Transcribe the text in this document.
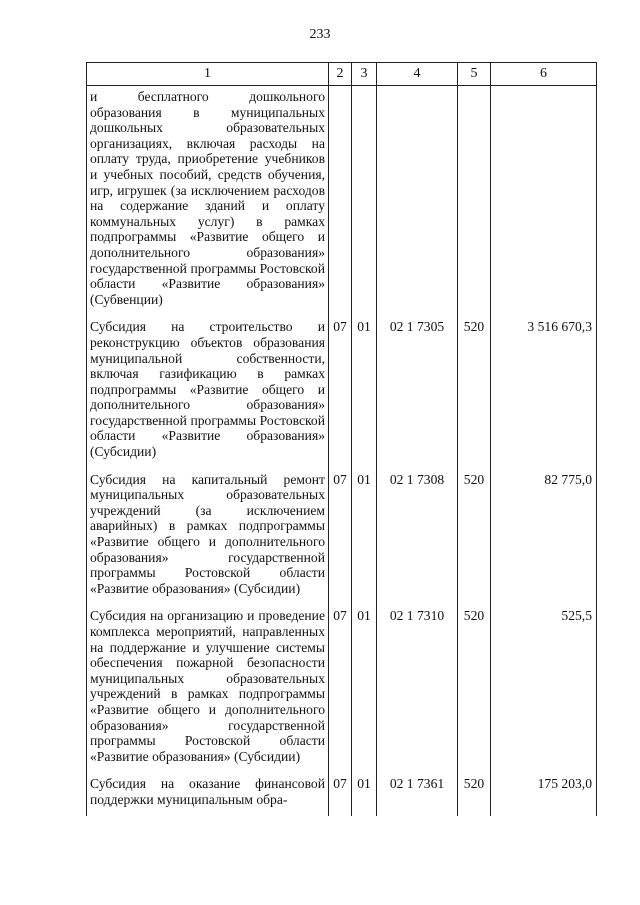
233
1	2	3	4	5	6
и бесплатного дошкольного образования в муниципальных дошкольных образовательных организациях, включая расходы на оплату труда, приобретение учебников и учебных пособий, средств обучения, игр, игрушек (за исключением расходов на содержание зданий и оплату коммунальных услуг) в рамках подпрограммы «Развитие общего и дополнительного образования» государственной программы Ростовской области «Развитие образования» (Субвенции)					
Субсидия на строительство и реконструкцию объектов образования муниципальной собственности, включая газификацию в рамках подпрограммы «Развитие общего и дополнительного образования» государственной программы Ростовской области «Развитие образования» (Субсидии)	07	01	02 1 7305	520	3 516 670,3
Субсидия на капитальный ремонт муниципальных образовательных учреждений (за исключением аварийных) в рамках подпрограммы «Развитие общего и дополнительного образования» государственной программы Ростовской области «Развитие образования» (Субсидии)	07	01	02 1 7308	520	82 775,0
Субсидия на организацию и проведение комплекса мероприятий, направленных на поддержание и улучшение системы обеспечения пожарной безопасности муниципальных образовательных учреждений в рамках подпрограммы «Развитие общего и дополнительного образования» государственной программы Ростовской области «Развитие образования» (Субсидии)	07	01	02 1 7310	520	525,5
Субсидия на оказание финансовой поддержки муниципальным обра-	07	01	02 1 7361	520	175 203,0
